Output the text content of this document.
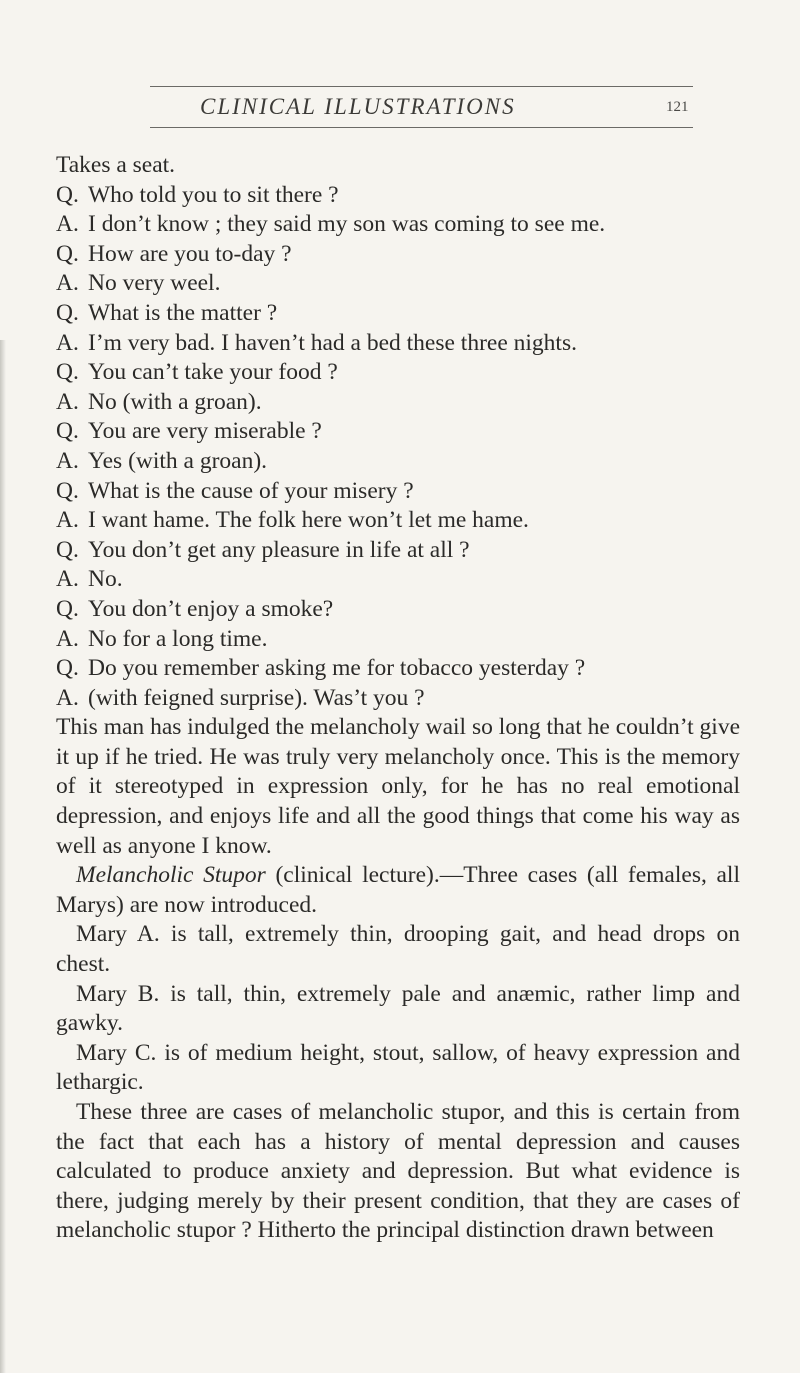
CLINICAL ILLUSTRATIONS	121
Takes a seat.
Q. Who told you to sit there ?
A. I don’t know ; they said my son was coming to see me.
Q. How are you to-day ?
A. No very weel.
Q. What is the matter ?
A. I’m very bad. I haven’t had a bed these three nights.
Q. You can’t take your food ?
A. No (with a groan).
Q. You are very miserable ?
A. Yes (with a groan).
Q. What is the cause of your misery ?
A. I want hame. The folk here won’t let me hame.
Q. You don’t get any pleasure in life at all ?
A. No.
Q. You don’t enjoy a smoke?
A. No for a long time.
Q. Do you remember asking me for tobacco yesterday ?
A. (with feigned surprise). Was’t you ?

This man has indulged the melancholy wail so long that he couldn’t give it up if he tried. He was truly very melancholy once. This is the memory of it stereotyped in expression only, for he has no real emotional depression, and enjoys life and all the good things that come his way as well as anyone I know.

Melancholic Stupor (clinical lecture).—Three cases (all females, all Marys) are now introduced.

Mary A. is tall, extremely thin, drooping gait, and head drops on chest.

Mary B. is tall, thin, extremely pale and anæmic, rather limp and gawky.

Mary C. is of medium height, stout, sallow, of heavy expression and lethargic.

These three are cases of melancholic stupor, and this is certain from the fact that each has a history of mental depression and causes calculated to produce anxiety and depression. But what evidence is there, judging merely by their present condition, that they are cases of melancholic stupor ? Hitherto the principal distinction drawn between
